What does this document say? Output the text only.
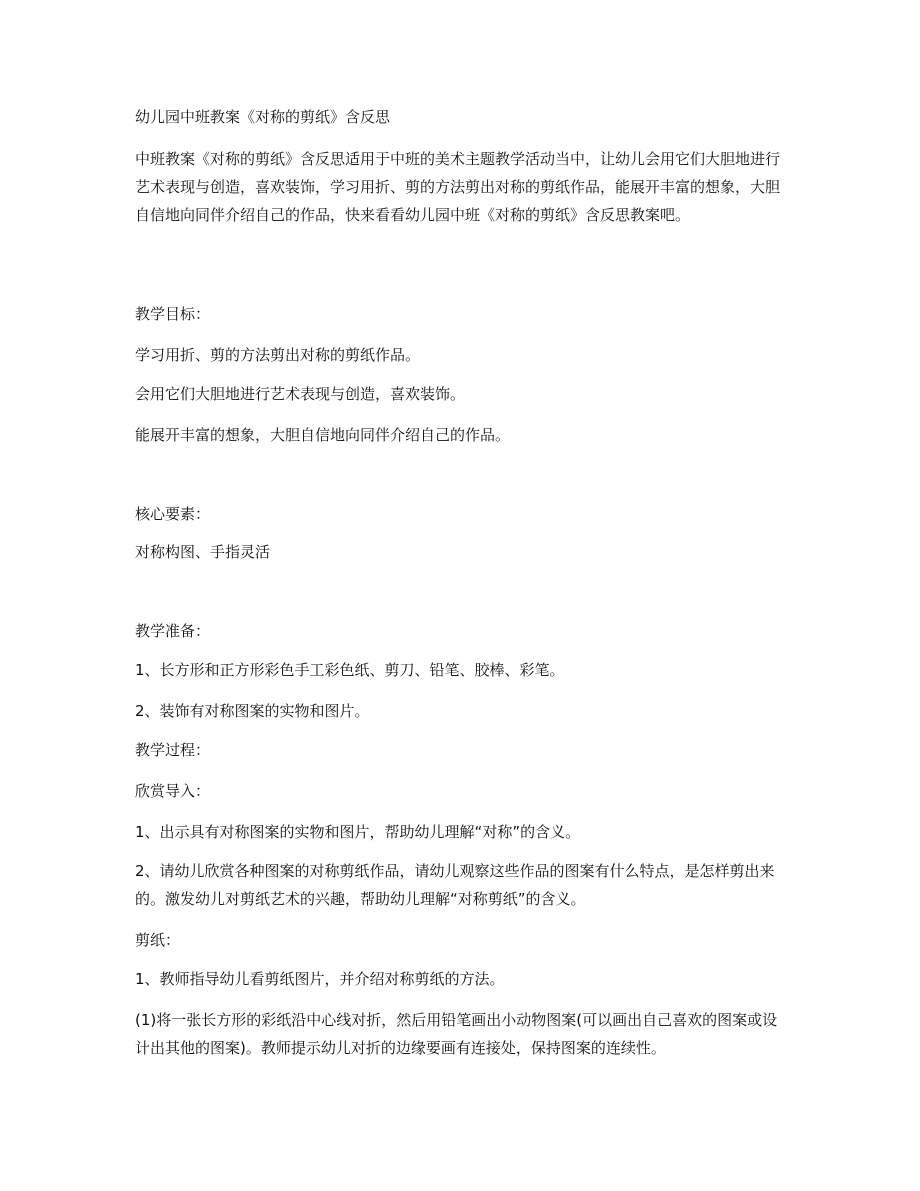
幼儿园中班教案《对称的剪纸》含反思

中班教案《对称的剪纸》含反思适用于中班的美术主题教学活动当中，让幼儿会用它们大胆地进行艺术表现与创造，喜欢装饰，学习用折、剪的方法剪出对称的剪纸作品，能展开丰富的想象，大胆自信地向同伴介绍自己的作品，快来看看幼儿园中班《对称的剪纸》含反思教案吧。

教学目标：

学习用折、剪的方法剪出对称的剪纸作品。

会用它们大胆地进行艺术表现与创造，喜欢装饰。

能展开丰富的想象，大胆自信地向同伴介绍自己的作品。

核心要素：

对称构图、手指灵活

教学准备：

1、长方形和正方形彩色手工彩色纸、剪刀、铅笔、胶棒、彩笔。

2、装饰有对称图案的实物和图片。

教学过程：

欣赏导入：

1、出示具有对称图案的实物和图片，帮助幼儿理解“对称”的含义。

2、请幼儿欣赏各种图案的对称剪纸作品，请幼儿观察这些作品的图案有什么特点，是怎样剪出来的。激发幼儿对剪纸艺术的兴趣，帮助幼儿理解“对称剪纸”的含义。

剪纸：

1、教师指导幼儿看剪纸图片，并介绍对称剪纸的方法。

(1)将一张长方形的彩纸沿中心线对折，然后用铅笔画出小动物图案(可以画出自己喜欢的图案或设计出其他的图案)。教师提示幼儿对折的边缘要画有连接处，保持图案的连续性。
